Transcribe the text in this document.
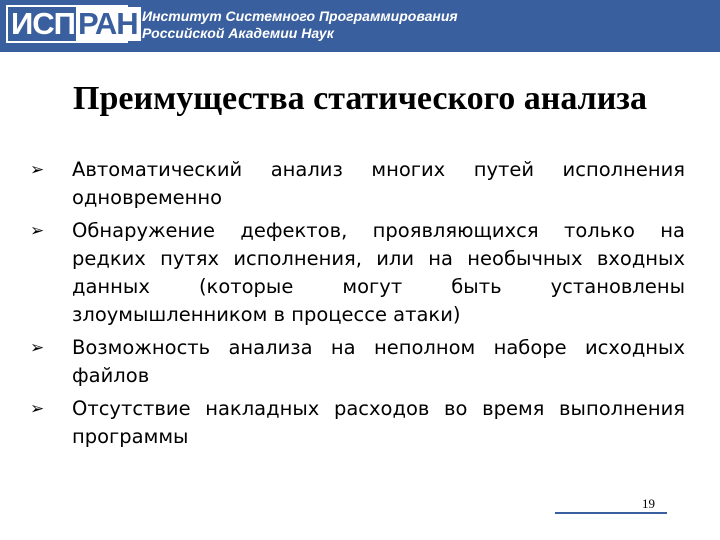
ИСП РАН Институт Системного Программирования
Российской Академии Наук
Преимущества статического анализа
➢	Автоматический анализ многих путей исполнения одновременно
➢	Обнаружение дефектов, проявляющихся только на редких путях исполнения, или на необычных входных данных (которые могут быть установлены злоумышленником в процессе атаки)
➢	Возможность анализа на неполном наборе исходных файлов
➢	Отсутствие накладных расходов во время выполнения программы
19
